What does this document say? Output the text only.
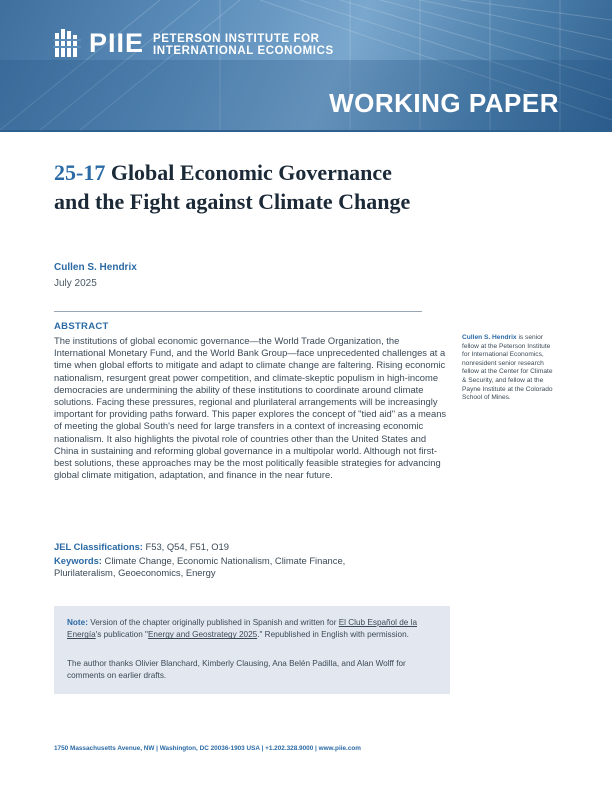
PIIE PETERSON INSTITUTE FOR
INTERNATIONAL ECONOMICS
WORKING PAPER
25-17 Global Economic Governance and the Fight against Climate Change
Cullen S. Hendrix
July 2025
ABSTRACT
The institutions of global economic governance—the World Trade Organization, the International Monetary Fund, and the World Bank Group—face unprecedented challenges at a time when global efforts to mitigate and adapt to climate change are faltering. Rising economic nationalism, resurgent great power competition, and climate-skeptic populism in high-income democracies are undermining the ability of these institutions to coordinate around climate solutions. Facing these pressures, regional and plurilateral arrangements will be increasingly important for providing paths forward. This paper explores the concept of "tied aid" as a means of meeting the global South's need for large transfers in a context of increasing economic nationalism. It also highlights the pivotal role of countries other than the United States and China in sustaining and reforming global governance in a multipolar world. Although not first-best solutions, these approaches may be the most politically feasible strategies for advancing global climate mitigation, adaptation, and finance in the near future.
Cullen S. Hendrix is senior fellow at the Peterson Institute for International Economics, nonresident senior research fellow at the Center for Climate & Security, and fellow at the Payne Institute at the Colorado School of Mines.
JEL Classifications: F53, Q54, F51, O19
Keywords: Climate Change, Economic Nationalism, Climate Finance, Plurilateralism, Geoeconomics, Energy
Note: Version of the chapter originally published in Spanish and written for El Club Español de la Energía's publication "Energy and Geostrategy 2025." Republished in English with permission.
The author thanks Olivier Blanchard, Kimberly Clausing, Ana Belén Padilla, and Alan Wolff for comments on earlier drafts.
1750 Massachusetts Avenue, NW | Washington, DC 20036-1903 USA | +1.202.328.9000 | www.piie.com
